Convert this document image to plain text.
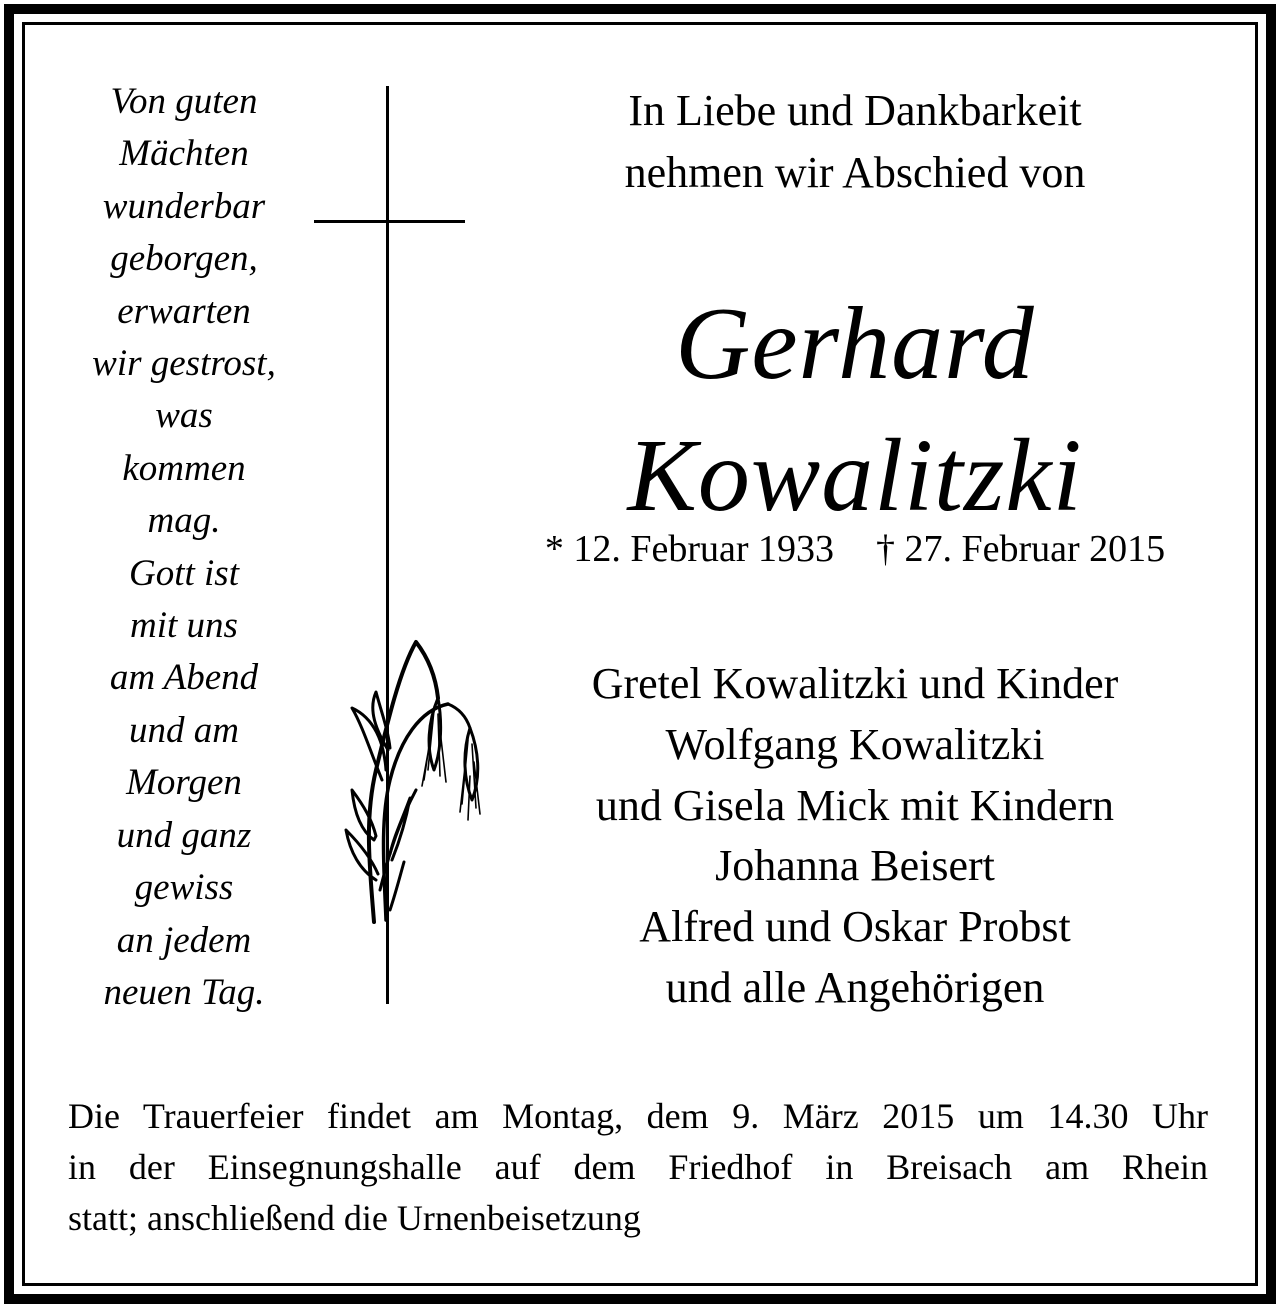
Von guten
Mächten
wunderbar
geborgen,
erwarten
wir gestrost,
was
kommen
mag.
Gott ist
mit uns
am Abend
und am
Morgen
und ganz
gewiss
an jedem
neuen Tag.
In Liebe und Dankbarkeit
nehmen wir Abschied von
Gerhard
Kowalitzki
* 12. Februar 1933 † 27. Februar 2015
Gretel Kowalitzki und Kinder
Wolfgang Kowalitzki
und Gisela Mick mit Kindern
Johanna Beisert
Alfred und Oskar Probst
und alle Angehörigen
Die Trauerfeier findet am Montag, dem 9. März 2015 um 14.30 Uhr
in der Einsegnungshalle auf dem Friedhof in Breisach am Rhein
statt; anschließend die Urnenbeisetzung
